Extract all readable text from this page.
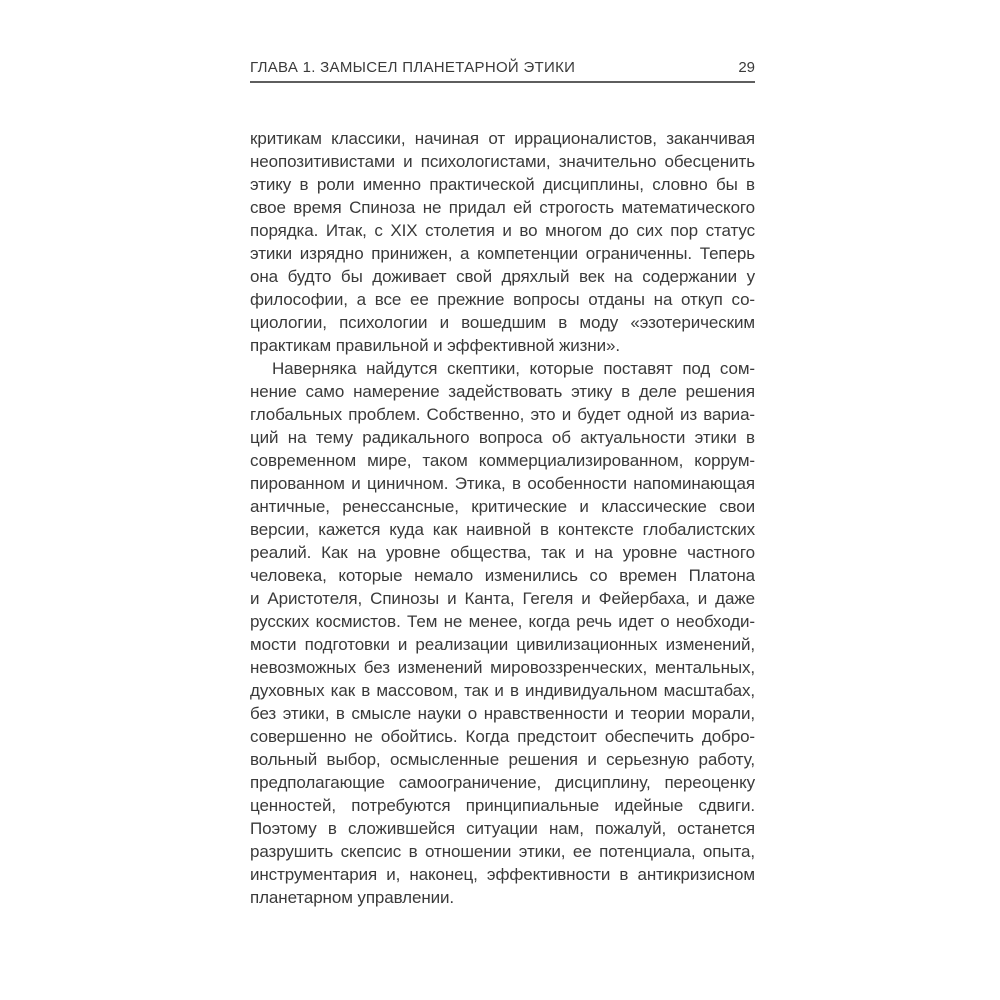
ГЛАВА 1. ЗАМЫСЕЛ ПЛАНЕТАРНОЙ ЭТИКИ	29
критикам классики, начиная от иррационалистов, заканчивая
неопозитивистами и психологистами, значительно обесценить
этику в роли именно практической дисциплины, словно бы в
свое время Спиноза не придал ей строгость математического
порядка. Итак, с XIX столетия и во многом до сих пор статус
этики изрядно принижен, а компетенции ограниченны. Теперь
она будто бы доживает свой дряхлый век на содержании у
философии, а все ее прежние вопросы отданы на откуп со-
циологии, психологии и вошедшим в моду «эзотерическим
практикам правильной и эффективной жизни».
Наверняка найдутся скептики, которые поставят под сом-
нение само намерение задействовать этику в деле решения
глобальных проблем. Собственно, это и будет одной из вариа-
ций на тему радикального вопроса об актуальности этики в
современном мире, таком коммерциализированном, коррум-
пированном и циничном. Этика, в особенности напоминающая
античные, ренессансные, критические и классические свои
версии, кажется куда как наивной в контексте глобалистских
реалий. Как на уровне общества, так и на уровне частного
человека, которые немало изменились со времен Платона
и Аристотеля, Спинозы и Канта, Гегеля и Фейербаха, и даже
русских космистов. Тем не менее, когда речь идет о необходи-
мости подготовки и реализации цивилизационных изменений,
невозможных без изменений мировоззренческих, ментальных,
духовных как в массовом, так и в индивидуальном масштабах,
без этики, в смысле науки о нравственности и теории морали,
совершенно не обойтись. Когда предстоит обеспечить добро-
вольный выбор, осмысленные решения и серьезную работу,
предполагающие самоограничение, дисциплину, переоценку
ценностей, потребуются принципиальные идейные сдвиги.
Поэтому в сложившейся ситуации нам, пожалуй, останется
разрушить скепсис в отношении этики, ее потенциала, опыта,
инструментария и, наконец, эффективности в антикризисном
планетарном управлении.
